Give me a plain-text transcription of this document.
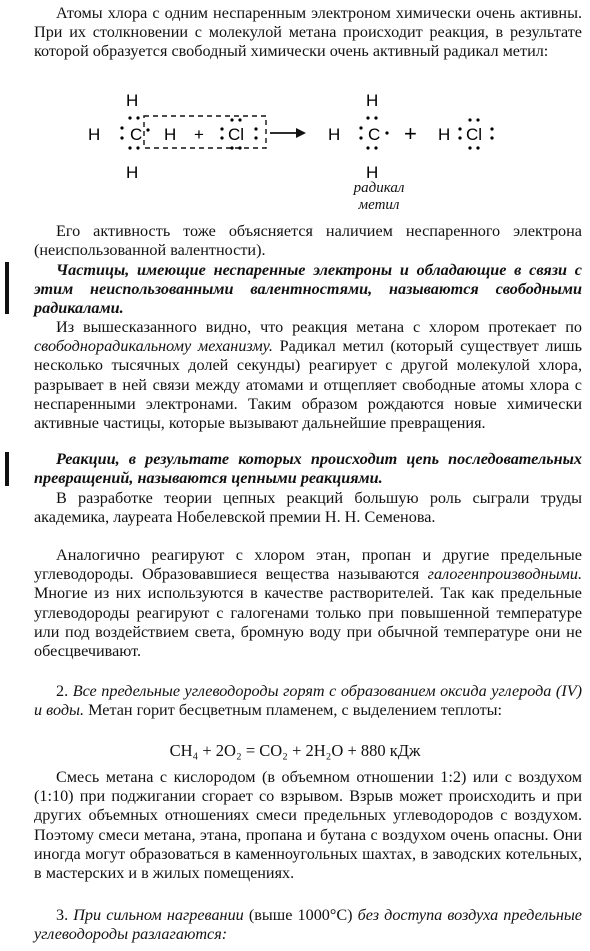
Атомы хлора с одним неспаренным электроном химически очень активны. При их столкновении с молекулой метана происходит реакция, в результате которой образуется свободный химически очень активный радикал метил:

H
H C
H
H + Cl
H
H C
H
+ H Cl
радикал
метил

Его активность тоже объясняется наличием неспаренного электрона (неиспользованной валентности).

Частицы, имеющие неспаренные электроны и обладающие в связи с этим неиспользованными валентностями, называются свободными радикалами.

Из вышесказанного видно, что реакция метана с хлором протекает по свободнорадикальному механизму. Радикал метил (который существует лишь несколько тысячных долей секунды) реагирует с другой молекулой хлора, разрывает в ней связи между атомами и отщепляет свободные атомы хлора с неспаренными электронами. Таким образом рождаются новые химически активные частицы, которые вызывают дальнейшие превращения.

Реакции, в результате которых происходит цепь последовательных превращений, называются цепными реакциями.

В разработке теории цепных реакций большую роль сыграли труды академика, лауреата Нобелевской премии Н. Н. Семенова.

Аналогично реагируют с хлором этан, пропан и другие предельные углеводороды. Образовавшиеся вещества называются галогенпроизводными. Многие из них используются в качестве растворителей. Так как предельные углеводороды реагируют с галогенами только при повышенной температуре или под воздействием света, бромную воду при обычной температуре они не обесцвечивают.

2. Все предельные углеводороды горят с образованием оксида углерода (IV) и воды. Метан горит бесцветным пламенем, с выделением теплоты:

CH₄ + 2O₂ = CO₂ + 2H₂O + 880 кДж

Смесь метана с кислородом (в объемном отношении 1:2) или с воздухом (1:10) при поджигании сгорает со взрывом. Взрыв может происходить и при других объемных отношениях смеси предельных углеводородов с воздухом. Поэтому смеси метана, этана, пропана и бутана с воздухом очень опасны. Они иногда могут образоваться в каменноугольных шахтах, в заводских котельных, в мастерских и в жилых помещениях.

3. При сильном нагревании (выше 1000°C) без доступа воздуха предельные углеводороды разлагаются:
